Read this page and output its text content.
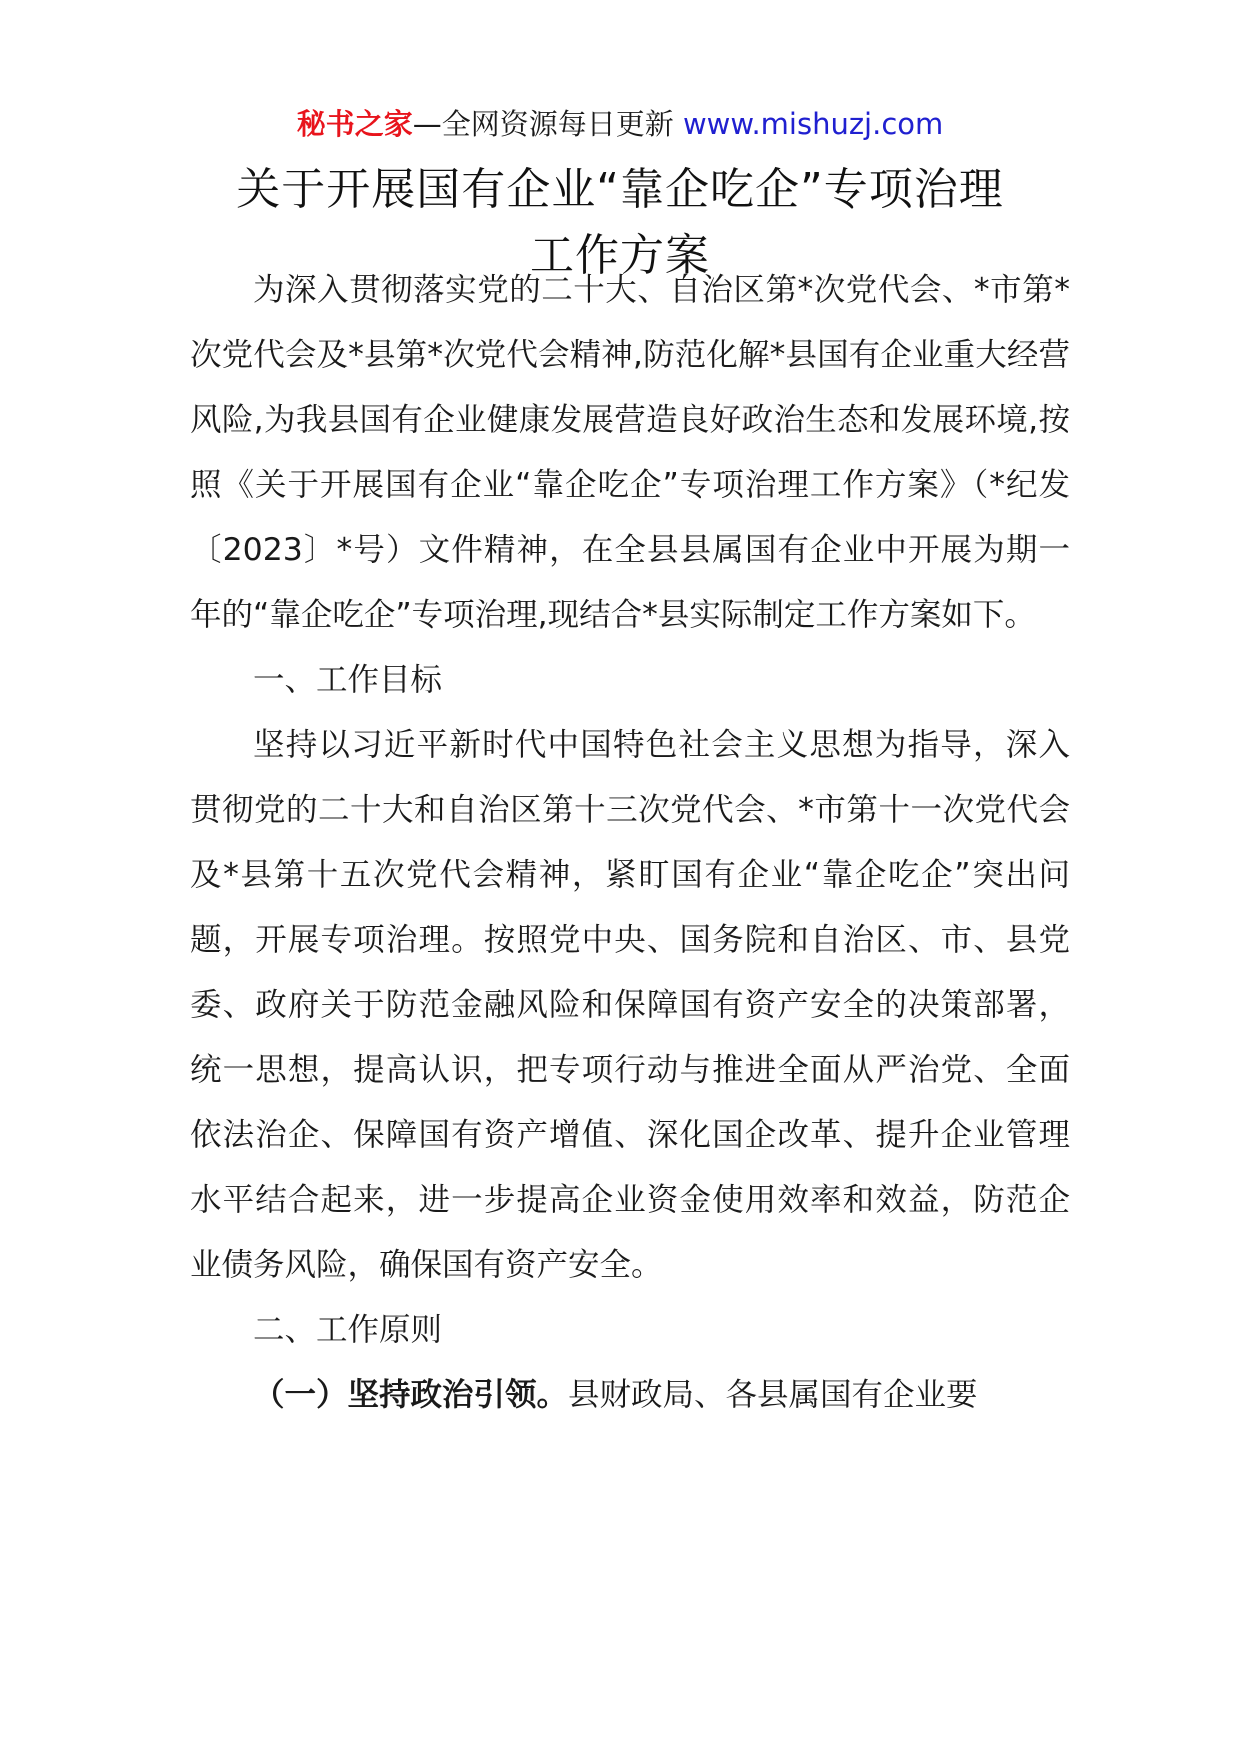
秘书之家—全网资源每日更新 www.mishuzj.com
关于开展国有企业“靠企吃企”专项治理
工作方案

为深入贯彻落实党的二十大、自治区第*次党代会、*市第*次党代会及*县第*次党代会精神,防范化解*县国有企业重大经营风险,为我县国有企业健康发展营造良好政治生态和发展环境,按照《关于开展国有企业“靠企吃企”专项治理工作方案》（*纪发〔2023〕*号）文件精神，在全县县属国有企业中开展为期一年的“靠企吃企”专项治理,现结合*县实际制定工作方案如下。

一、工作目标

坚持以习近平新时代中国特色社会主义思想为指导，深入贯彻党的二十大和自治区第十三次党代会、*市第十一次党代会及*县第十五次党代会精神，紧盯国有企业“靠企吃企”突出问题，开展专项治理。按照党中央、国务院和自治区、市、县党委、政府关于防范金融风险和保障国有资产安全的决策部署，统一思想，提高认识，把专项行动与推进全面从严治党、全面依法治企、保障国有资产增值、深化国企改革、提升企业管理水平结合起来，进一步提高企业资金使用效率和效益，防范企业债务风险，确保国有资产安全。

二、工作原则

（一）坚持政治引领。县财政局、各县属国有企业要
